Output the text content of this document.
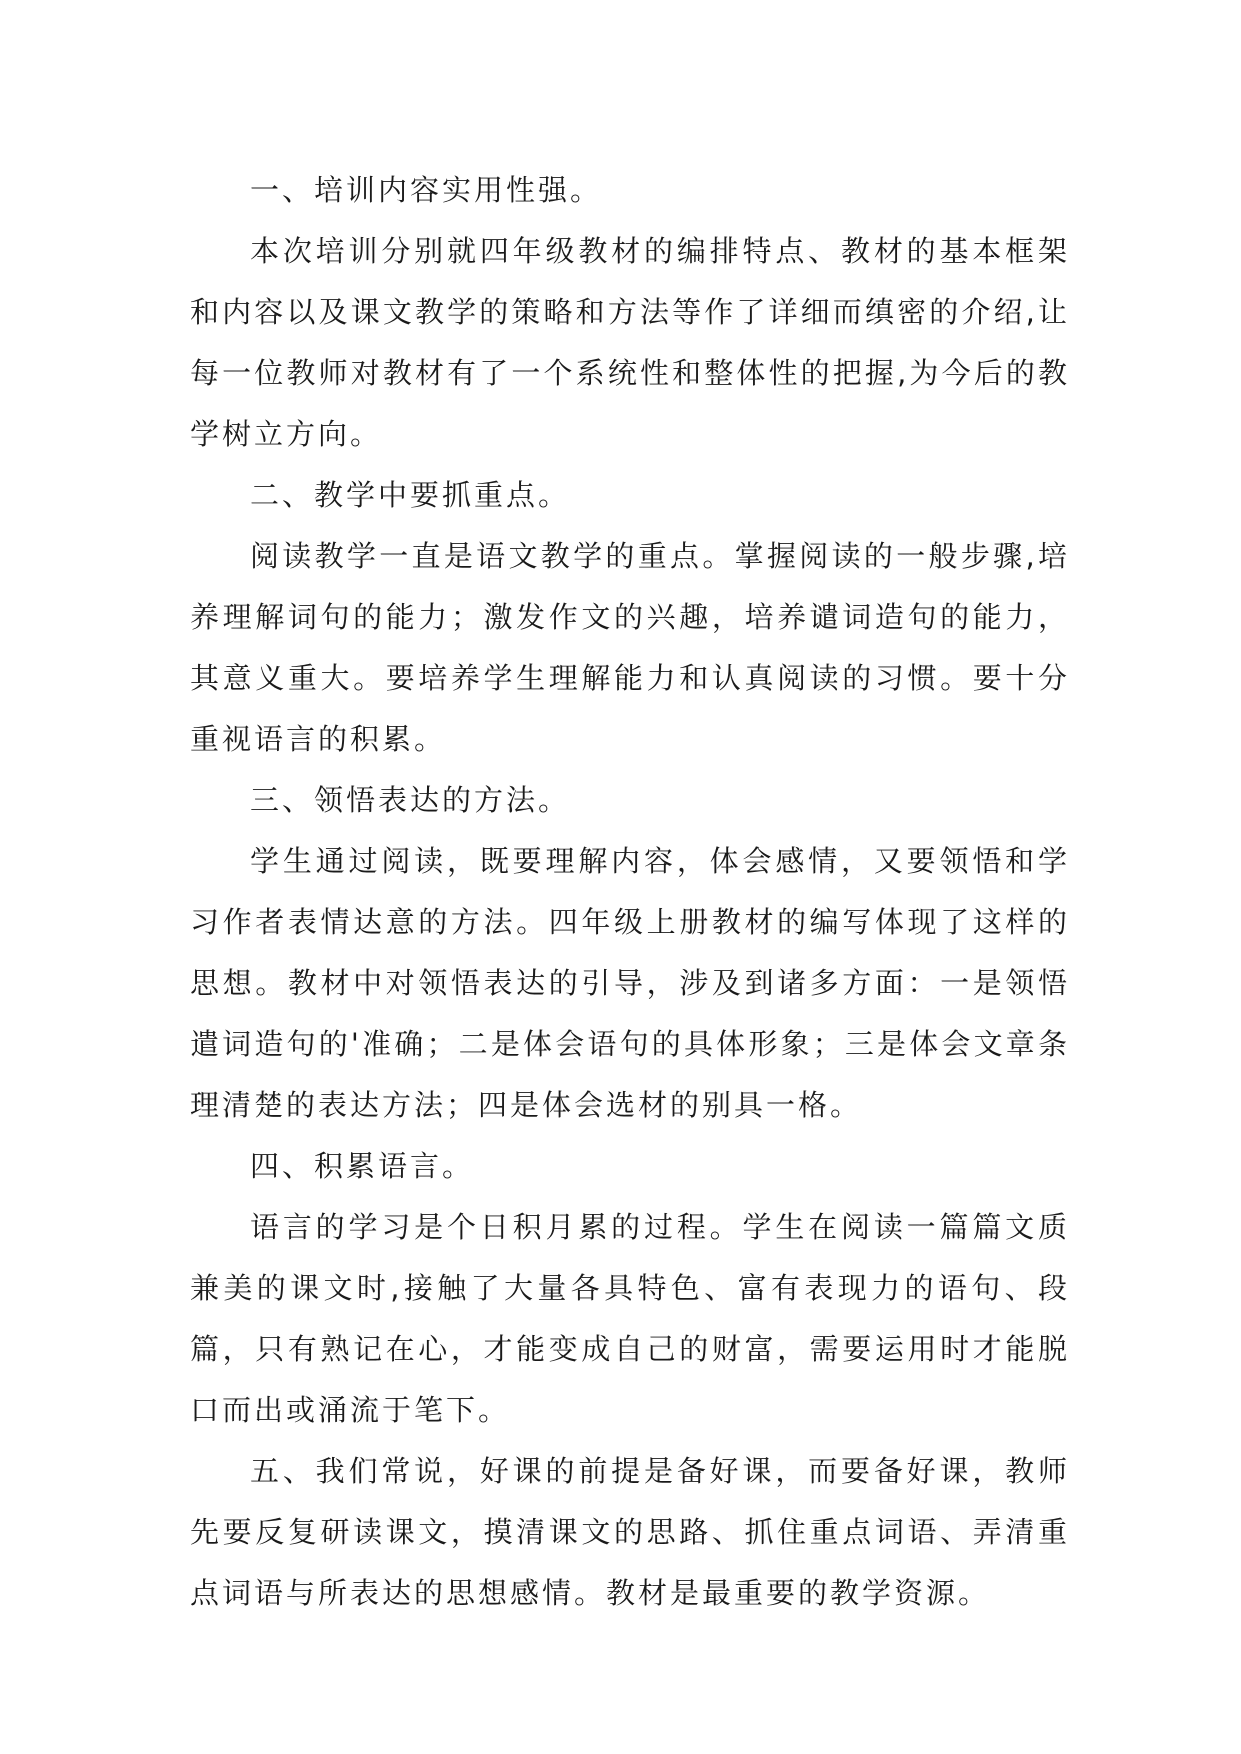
一、培训内容实用性强。

本次培训分别就四年级教材的编排特点、教材的基本框架和内容以及课文教学的策略和方法等作了详细而缜密的介绍,让每一位教师对教材有了一个系统性和整体性的把握,为今后的教学树立方向。

二、教学中要抓重点。

阅读教学一直是语文教学的重点。掌握阅读的一般步骤,培养理解词句的能力；激发作文的兴趣，培养谴词造句的能力，其意义重大。要培养学生理解能力和认真阅读的习惯。要十分重视语言的积累。

三、领悟表达的方法。

学生通过阅读，既要理解内容，体会感情，又要领悟和学习作者表情达意的方法。四年级上册教材的编写体现了这样的思想。教材中对领悟表达的引导，涉及到诸多方面：一是领悟遣词造句的'准确；二是体会语句的具体形象；三是体会文章条理清楚的表达方法；四是体会选材的别具一格。

四、积累语言。

语言的学习是个日积月累的过程。学生在阅读一篇篇文质兼美的课文时,接触了大量各具特色、富有表现力的语句、段篇，只有熟记在心，才能变成自己的财富，需要运用时才能脱口而出或涌流于笔下。

五、我们常说，好课的前提是备好课，而要备好课，教师先要反复研读课文，摸清课文的思路、抓住重点词语、弄清重点词语与所表达的思想感情。教材是最重要的教学资源。
